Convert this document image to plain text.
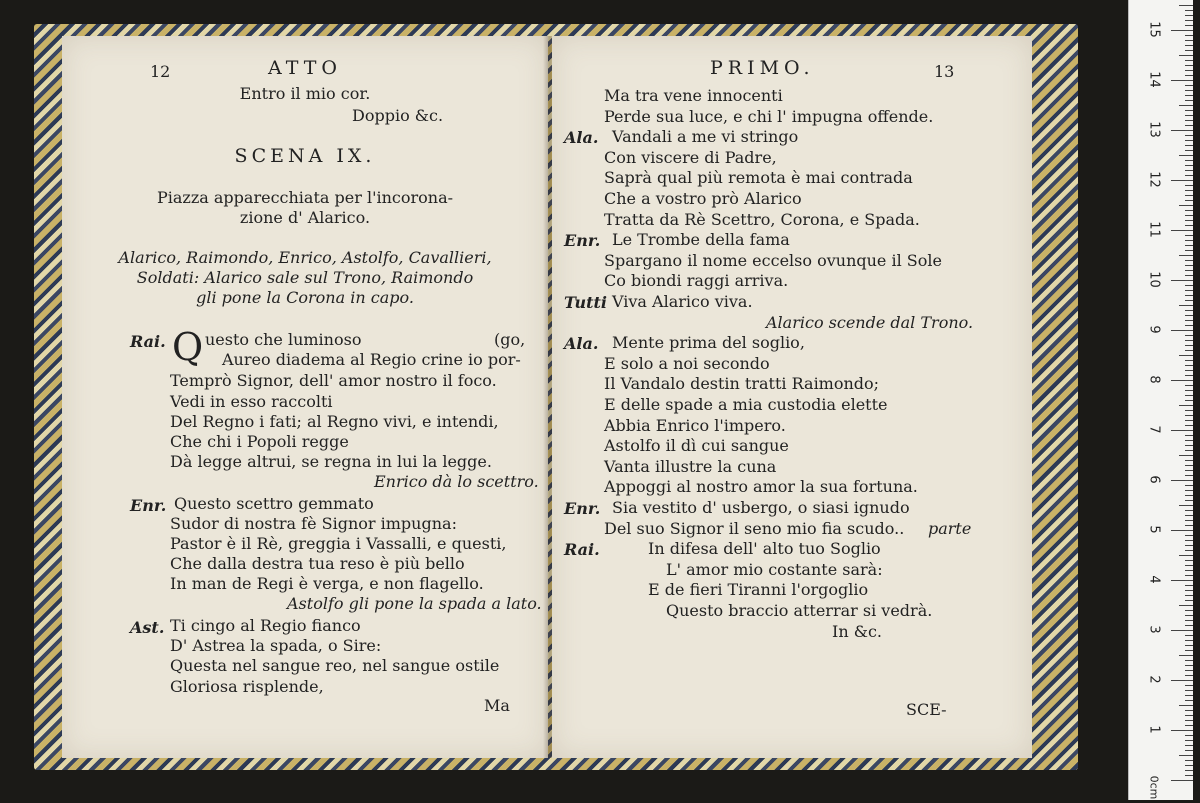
12	ATTO
Entro il mio cor.
Doppio &c.
SCENA IX.
Piazza apparecchiata per l'incorona-
zione d' Alarico.
Alarico, Raimondo, Enrico, Astolfo, Cavallieri,
Soldati: Alarico sale sul Trono, Raimondo
gli pone la Corona in capo.
Rai. Q uesto che luminoso	(go,
Aureo diadema al Regio crine io por-
Temprò Signor, dell' amor nostro il foco.
Vedi in esso raccolti
Del Regno i fati; al Regno vivi, e intendi,
Che chi i Popoli regge
Dà legge altrui, se regna in lui la legge.
Enrico dà lo scettro.
Enr. Questo scettro gemmato
Sudor di nostra fè Signor impugna:
Pastor è il Rè, greggia i Vassalli, e questi,
Che dalla destra tua reso è più bello
In man de Regi è verga, e non flagello.
Astolfo gli pone la spada a lato.
Ast. Ti cingo al Regio fianco
D' Astrea la spada, o Sire:
Questa nel sangue reo, nel sangue ostile
Gloriosa risplende,
Ma
PRIMO.	13
Ma tra vene innocenti
Perde sua luce, e chi l' impugna offende.
Ala. Vandali a me vi stringo
Con viscere di Padre,
Saprà qual più remota è mai contrada
Che a vostro prò Alarico
Tratta da Rè Scettro, Corona, e Spada.
Enr. Le Trombe della fama
Spargano il nome eccelso ovunque il Sole
Co biondi raggi arriva.
Tutti Viva Alarico viva.
Alarico scende dal Trono.
Ala. Mente prima del soglio,
E solo a noi secondo
Il Vandalo destin tratti Raimondo;
E delle spade a mia custodia elette
Abbia Enrico l'impero.
Astolfo il dì cui sangue
Vanta illustre la cuna
Appoggi al nostro amor la sua fortuna.
Enr. Sia vestito d' usbergo, o siasi ignudo
Del suo Signor il seno mio fia scudo.. parte
Rai.	In difesa dell' alto tuo Soglio
L' amor mio costante sarà:
E de fieri Tiranni l'orgoglio
Questo braccio atterrar si vedrà.
In &c.
SCE-
0cm
1
2
3
4
5
6
7
8
9
10
11
12
13
14
15
